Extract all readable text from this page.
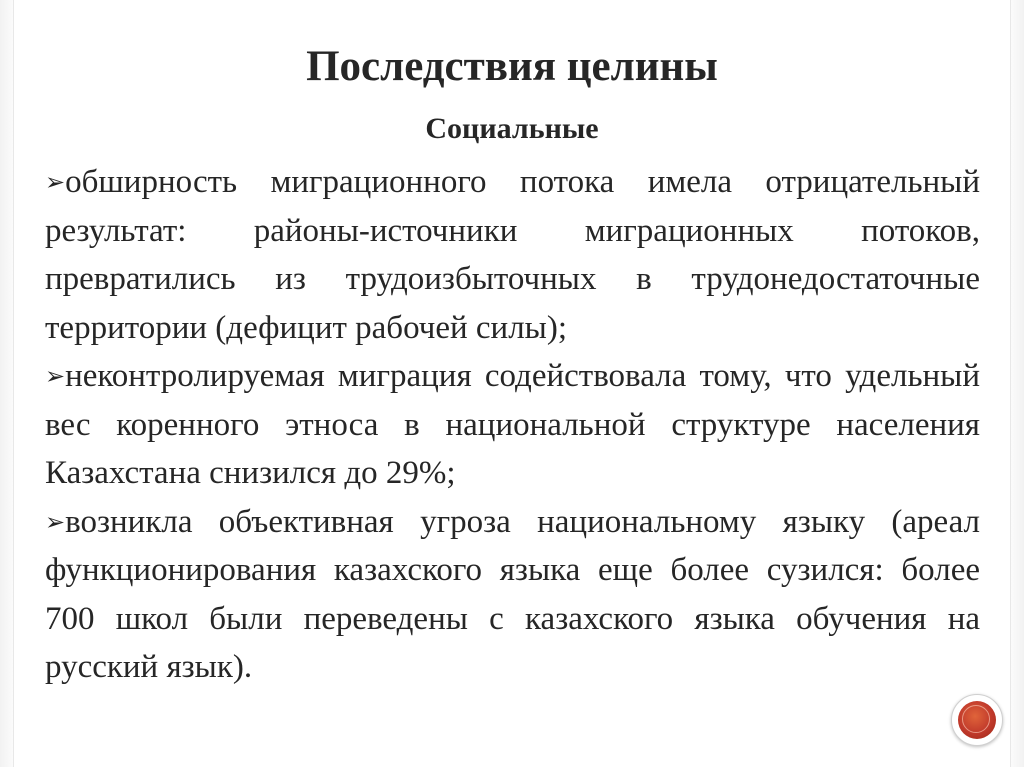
Последствия целины
Социальные

➢обширность миграционного потока имела отрицательный результат: районы-источники миграционных потоков, превратились из трудоизбыточных в трудонедостаточные территории (дефицит рабочей силы);

➢неконтролируемая миграция содействовала тому, что удельный вес коренного этноса в национальной структуре населения Казахстана снизился до 29%;

➢возникла объективная угроза национальному языку (ареал функционирования казахского языка еще более сузился: более 700 школ были переведены с казахского языка обучения на русский язык).
